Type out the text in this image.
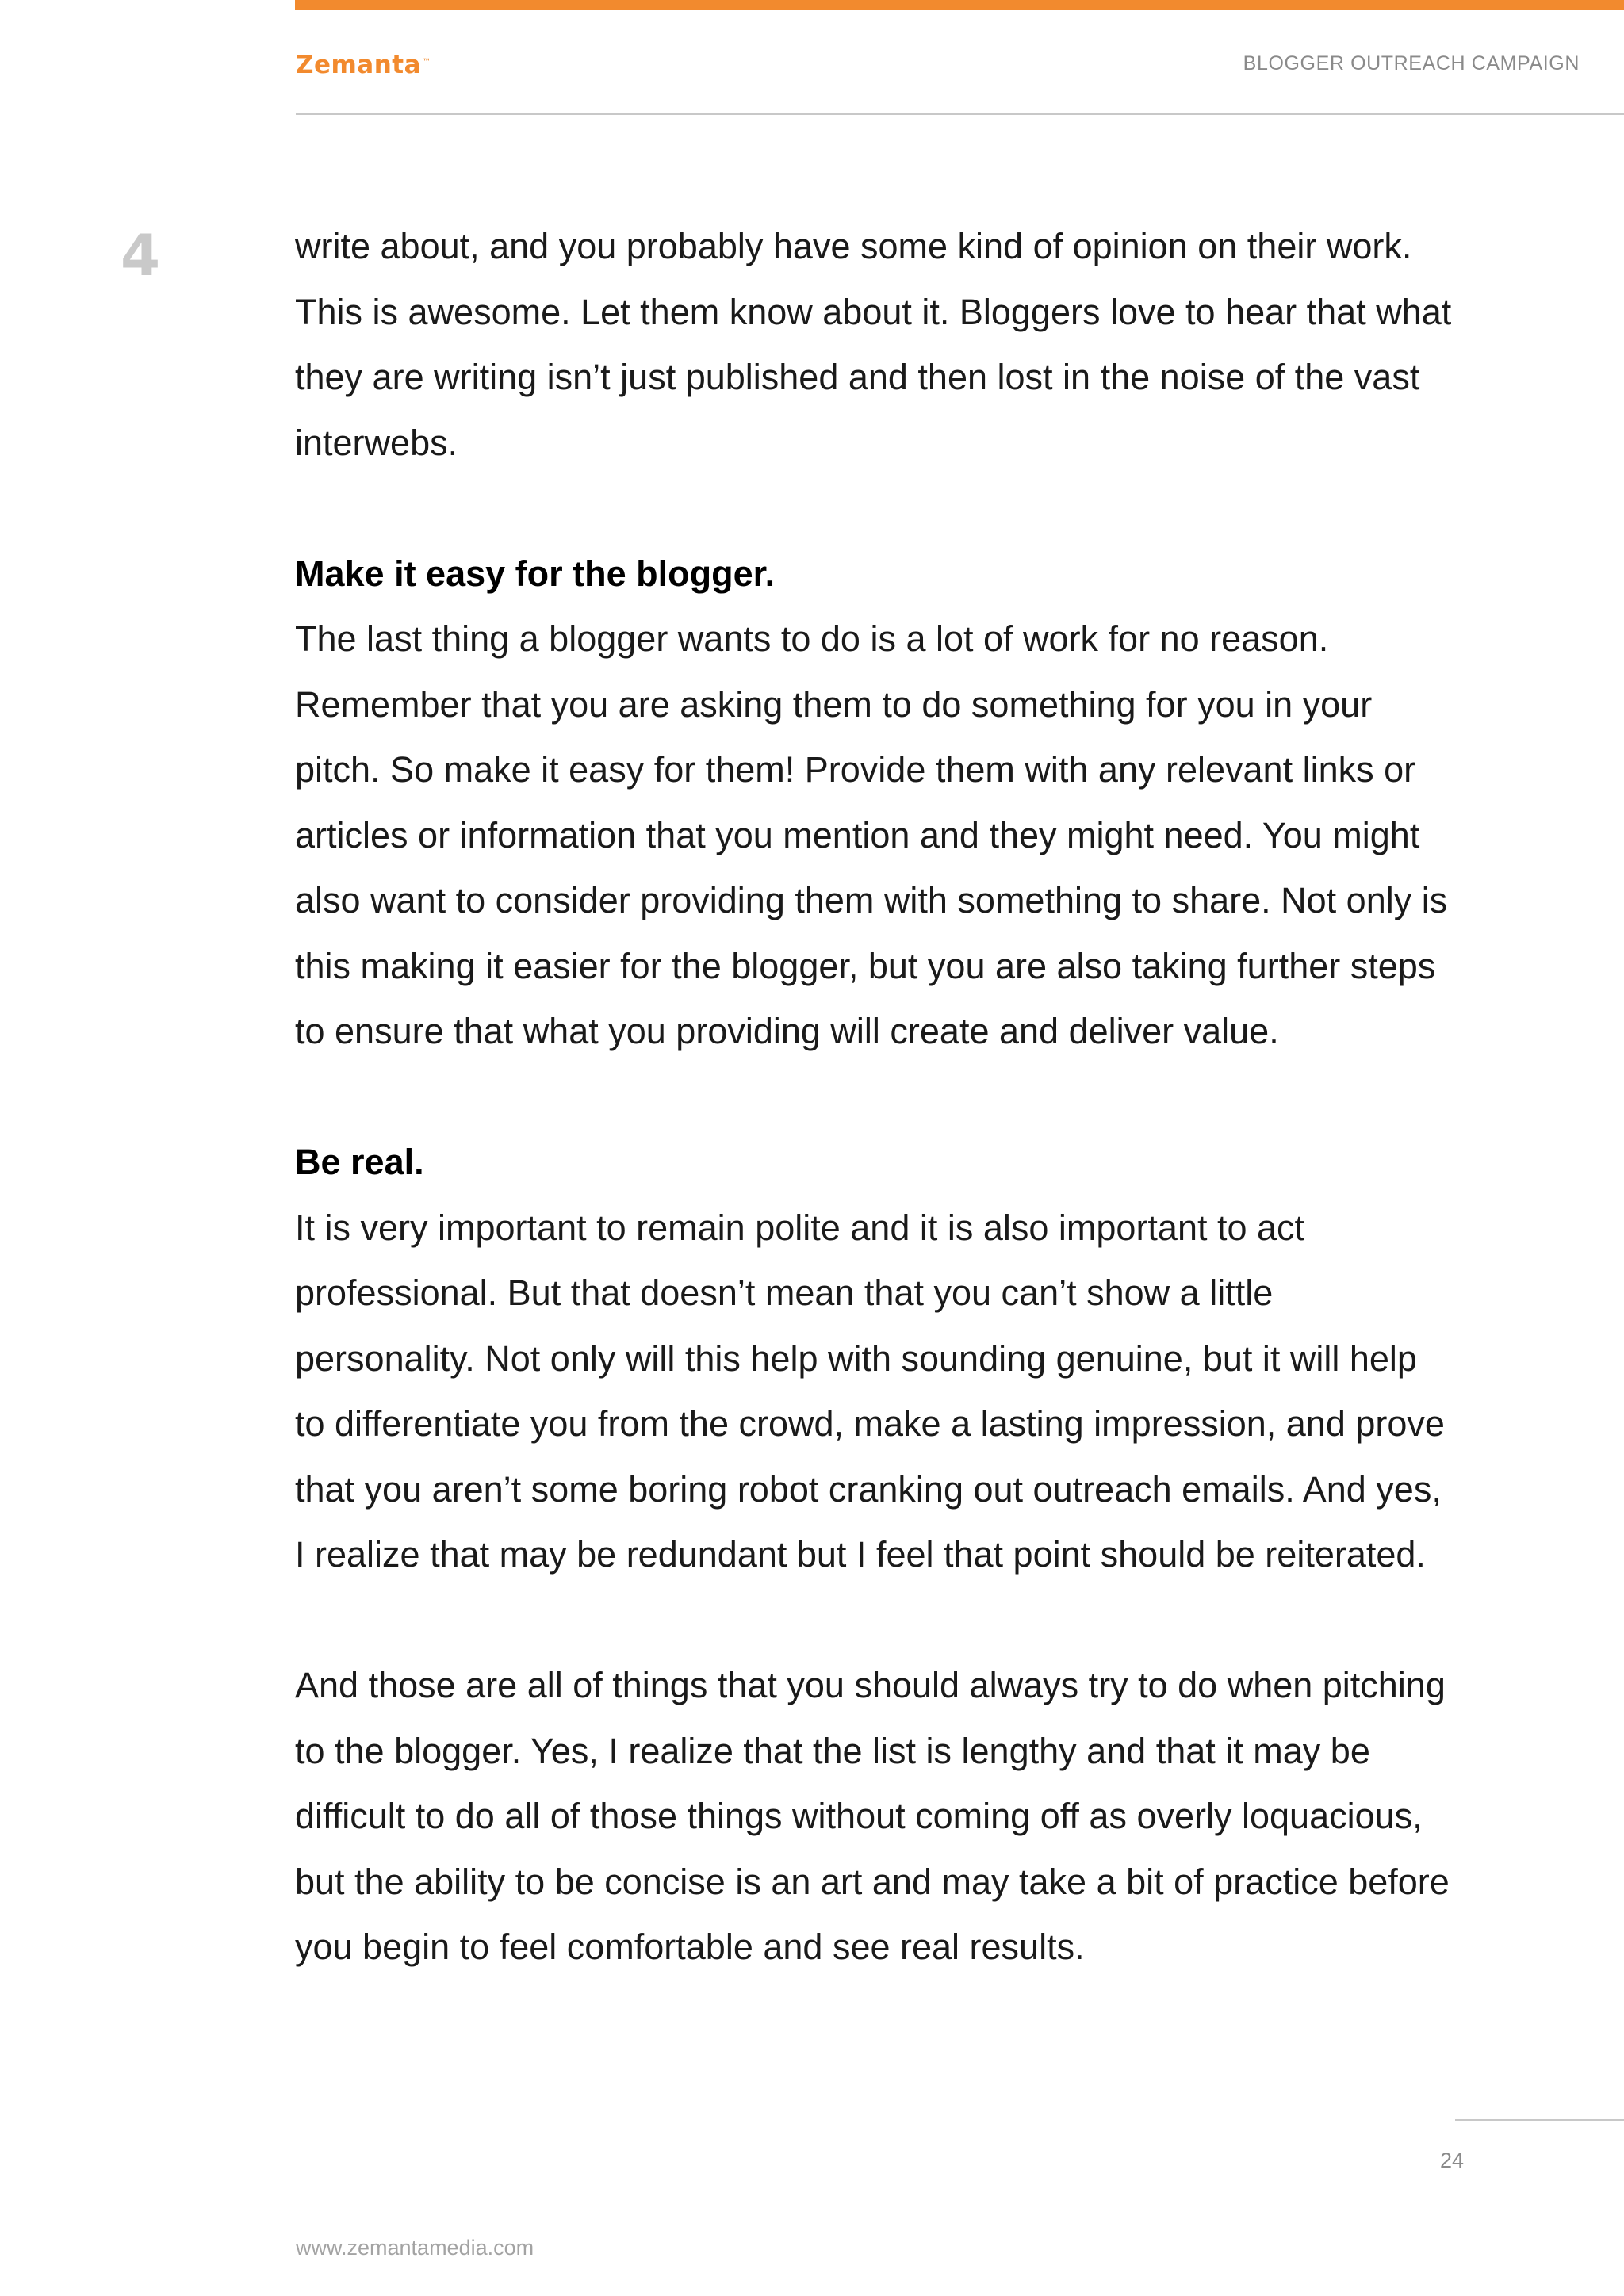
Zemanta ™	BLOGGER OUTREACH CAMPAIGN
4	write about, and you probably have some kind of opinion on their work.

This is awesome. Let them know about it. Bloggers love to hear that what

they are writing isn’t just published and then lost in the noise of the vast

interwebs.

Make it easy for the blogger.

The last thing a blogger wants to do is a lot of work for no reason.

Remember that you are asking them to do something for you in your

pitch. So make it easy for them! Provide them with any relevant links or

articles or information that you mention and they might need. You might

also want to consider providing them with something to share. Not only is

this making it easier for the blogger, but you are also taking further steps

to ensure that what you providing will create and deliver value.

Be real.

It is very important to remain polite and it is also important to act

professional. But that doesn’t mean that you can’t show a little

personality. Not only will this help with sounding genuine, but it will help

to differentiate you from the crowd, make a lasting impression, and prove

that you aren’t some boring robot cranking out outreach emails. And yes,

I realize that may be redundant but I feel that point should be reiterated.

And those are all of things that you should always try to do when pitching

to the blogger. Yes, I realize that the list is lengthy and that it may be

difficult to do all of those things without coming off as overly loquacious,

but the ability to be concise is an art and may take a bit of practice before

you begin to feel comfortable and see real results.

24
www.zemantamedia.com
